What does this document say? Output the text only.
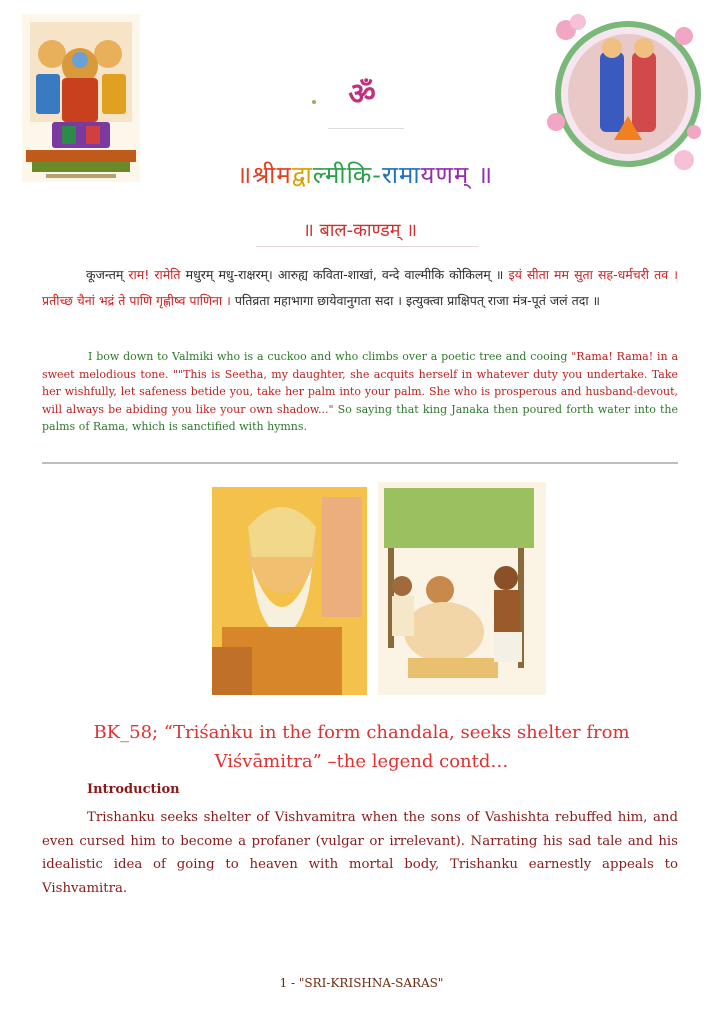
ॐ
॥श्रीमद्वाल्मीकि-रामायणम् ॥
॥ बाल-काण्डम् ॥
कूजन्तम् राम! रामेति मधुरम् मधु-राक्षरम्। आरुह्य कविता-शाखां, वन्दे वाल्मीकि कोकिलम् ॥ इयं सीता मम सुता सह-धर्मचरी तव । प्रतीच्छ चैनां भद्रं ते पाणि गृह्णीष्व पाणिना । पतिव्रता महाभागा छायेवानुगता सदा । इत्युक्त्वा प्राक्षिपत् राजा मंत्र-पूतं जलं तदा ॥
I bow down to Valmiki who is a cuckoo and who climbs over a poetic tree and cooing "Rama! Rama! in a sweet melodious tone. ""This is Seetha, my daughter, she acquits herself in whatever duty you undertake. Take her wishfully, let safeness betide you, take her palm into your palm. She who is prosperous and husband-devout, will always be abiding you like your own shadow..." So saying that king Janaka then poured forth water into the palms of Rama, which is sanctified with hymns.
BK_58; “Triśaṅku in the form chandala, seeks shelter from
Viśvāmitra” –the legend contd…
Introduction
Trishanku seeks shelter of Vishvamitra when the sons of Vashishta rebuffed him, and even cursed him to become a profaner (vulgar or irrelevant). Narrating his sad tale and his idealistic idea of going to heaven with mortal body, Trishanku earnestly appeals to Vishvamitra.
1 - "SRI-KRISHNA-SARAS"
